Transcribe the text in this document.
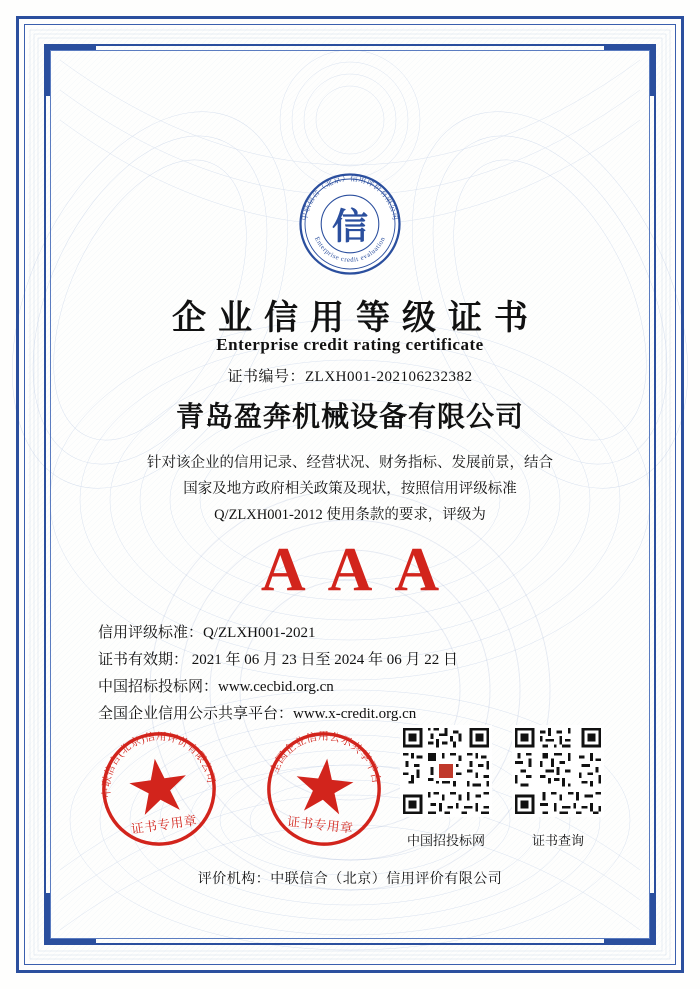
中联信合（北京）信用评价有限公司
Enterprise credit evaluation
信
企业信用等级证书
Enterprise credit rating certificate
证书编号：ZLXH001-202106232382
青岛盈奔机械设备有限公司
针对该企业的信用记录、经营状况、财务指标、发展前景，结合
国家及地方政府相关政策及现状，按照信用评级标准
Q/ZLXH001-2012 使用条款的要求，评级为
AAA
信用评级标准：Q/ZLXH001-2021
证书有效期： 2021 年 06 月 23 日至 2024 年 06 月 22 日
中国招标投标网：www.cecbid.org.cn
全国企业信用公示共享平台：www.x-credit.org.cn
中联信合(北京)信用评价有限公司
证书专用章
全国企业信用公示共享平台
证书专用章
中国招投标网	证书查询
评价机构：中联信合（北京）信用评价有限公司
